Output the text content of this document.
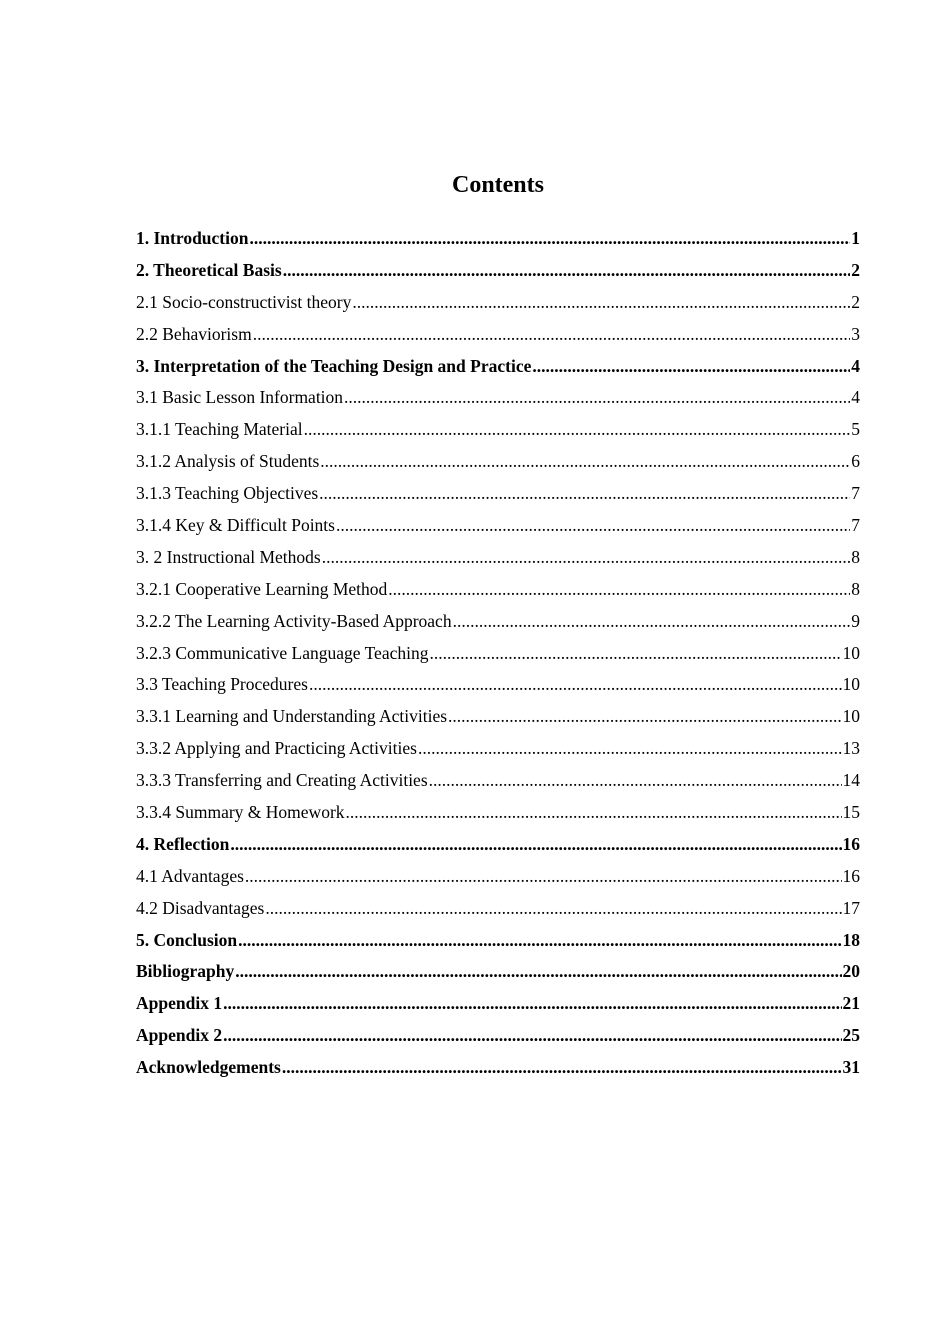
Contents
1. Introduction .....	1
2. Theoretical Basis .....	2
2.1 Socio-constructivist theory .....	2
2.2 Behaviorism .....	3
3. Interpretation of the Teaching Design and Practice .....	4
3.1 Basic Lesson Information .....	4
3.1.1 Teaching Material .....	5
3.1.2 Analysis of Students .....	6
3.1.3 Teaching Objectives .....	7
3.1.4 Key & Difficult Points .....	7
3. 2 Instructional Methods .....	8
3.2.1 Cooperative Learning Method .....	8
3.2.2 The Learning Activity-Based Approach .....	9
3.2.3 Communicative Language Teaching .....	10
3.3 Teaching Procedures .....	10
3.3.1 Learning and Understanding Activities .....	10
3.3.2 Applying and Practicing Activities .....	13
3.3.3 Transferring and Creating Activities .....	14
3.3.4 Summary & Homework .....	15
4. Reflection .....	16
4.1 Advantages .....	16
4.2 Disadvantages .....	17
5. Conclusion .....	18
Bibliography .....	20
Appendix 1 .....	21
Appendix 2 .....	25
Acknowledgements .....	31
